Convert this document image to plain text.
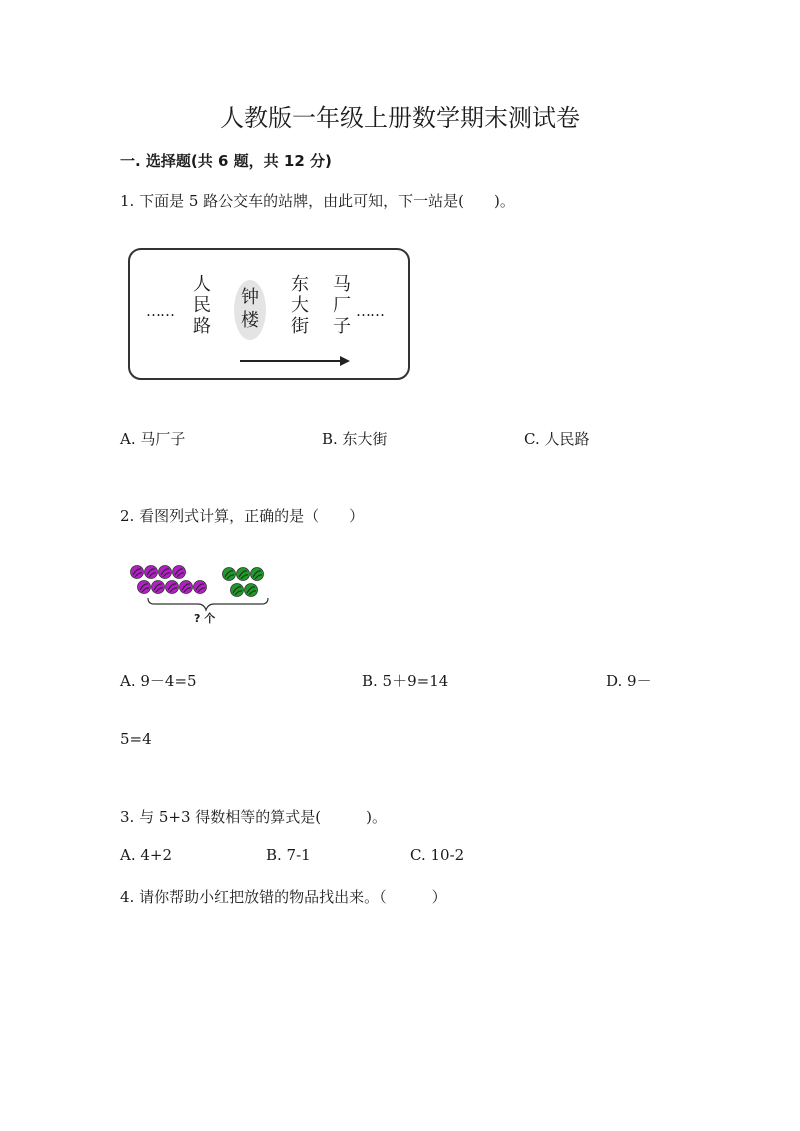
人教版一年级上册数学期末测试卷
一. 选择题(共 6 题，共 12 分)
1. 下面是 5 路公交车的站牌，由此可知，下一站是(　　)。
……
人
民
路
钟
楼
东
大
街
马
厂
子
……
A. 马厂子	B. 东大街	C. 人民路
2. 看图列式计算，正确的是（　　）
? 个
A. 9－4=5	B. 5＋9=14	D. 9－
5=4
3. 与 5+3 得数相等的算式是(　　　)。
A. 4+2	B. 7-1	C. 10-2
4. 请你帮助小红把放错的物品找出来。（　　　）
